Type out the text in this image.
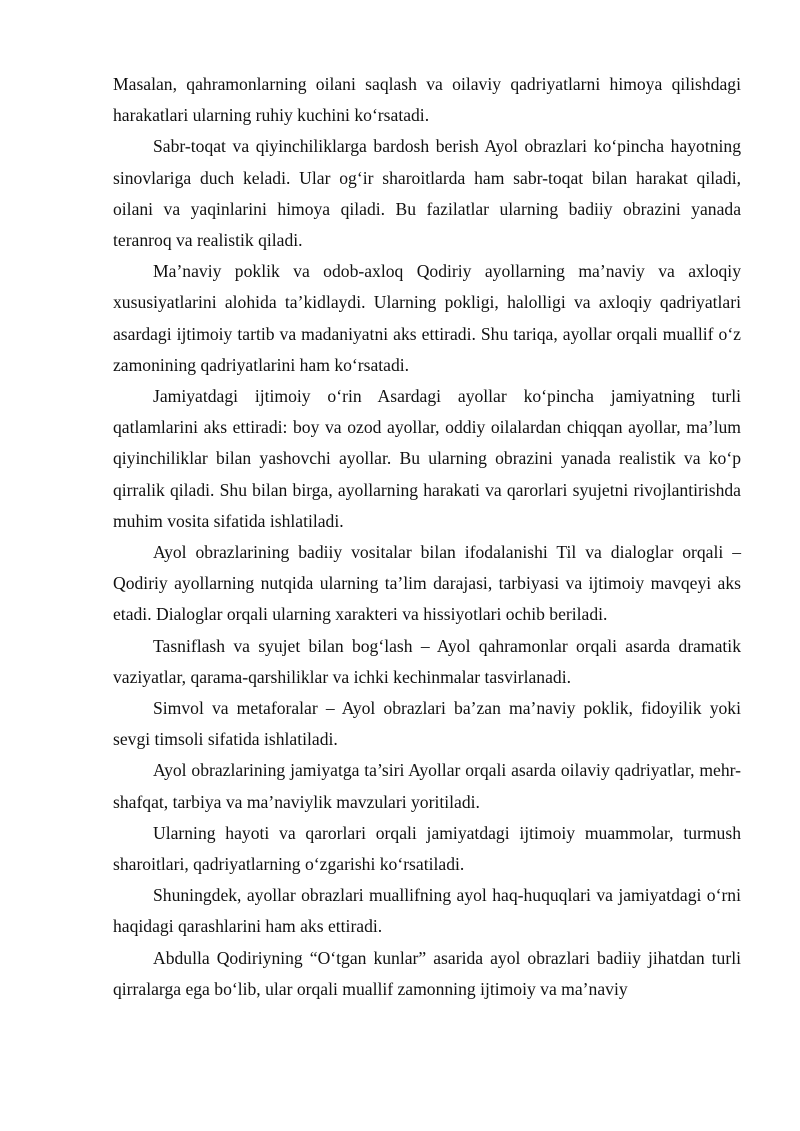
Masalan, qahramonlarning oilani saqlash va oilaviy qadriyatlarni himoya qilishdagi harakatlari ularning ruhiy kuchini ko‘rsatadi.

Sabr-toqat va qiyinchiliklarga bardosh berish Ayol obrazlari ko‘pincha hayotning sinovlariga duch keladi. Ular og‘ir sharoitlarda ham sabr-toqat bilan harakat qiladi, oilani va yaqinlarini himoya qiladi. Bu fazilatlar ularning badiiy obrazini yanada teranroq va realistik qiladi.

Ma’naviy poklik va odob-axloq Qodiriy ayollarning ma’naviy va axloqiy xususiyatlarini alohida ta’kidlaydi. Ularning pokligi, halolligi va axloqiy qadriyatlari asardagi ijtimoiy tartib va madaniyatni aks ettiradi. Shu tariqa, ayollar orqali muallif o‘z zamonining qadriyatlarini ham ko‘rsatadi.

Jamiyatdagi ijtimoiy o‘rin Asardagi ayollar ko‘pincha jamiyatning turli qatlamlarini aks ettiradi: boy va ozod ayollar, oddiy oilalardan chiqqan ayollar, ma’lum qiyinchiliklar bilan yashovchi ayollar. Bu ularning obrazini yanada realistik va ko‘p qirralik qiladi. Shu bilan birga, ayollarning harakati va qarorlari syujetni rivojlantirishda muhim vosita sifatida ishlatiladi.

Ayol obrazlarining badiiy vositalar bilan ifodalanishi Til va dialoglar orqali – Qodiriy ayollarning nutqida ularning ta’lim darajasi, tarbiyasi va ijtimoiy mavqeyi aks etadi. Dialoglar orqali ularning xarakteri va hissiyotlari ochib beriladi.

Tasniflash va syujet bilan bog‘lash – Ayol qahramonlar orqali asarda dramatik vaziyatlar, qarama-qarshiliklar va ichki kechinmalar tasvirlanadi.

Simvol va metaforalar – Ayol obrazlari ba’zan ma’naviy poklik, fidoyilik yoki sevgi timsoli sifatida ishlatiladi.

Ayol obrazlarining jamiyatga ta’siri Ayollar orqali asarda oilaviy qadriyatlar, mehr-shafqat, tarbiya va ma’naviylik mavzulari yoritiladi.

Ularning hayoti va qarorlari orqali jamiyatdagi ijtimoiy muammolar, turmush sharoitlari, qadriyatlarning o‘zgarishi ko‘rsatiladi.

Shuningdek, ayollar obrazlari muallifning ayol haq-huquqlari va jamiyatdagi o‘rni haqidagi qarashlarini ham aks ettiradi.

Abdulla Qodiriyning “O‘tgan kunlar” asarida ayol obrazlari badiiy jihatdan turli qirralarga ega bo‘lib, ular orqali muallif zamonning ijtimoiy va ma’naviy
